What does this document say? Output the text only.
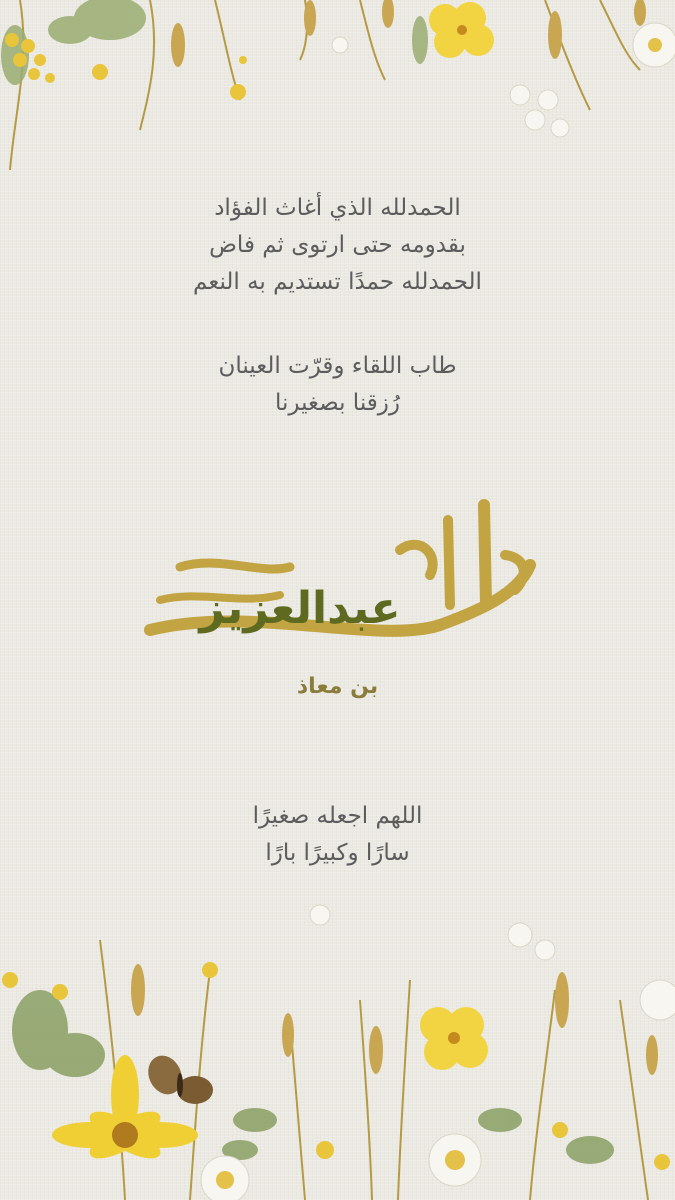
الحمدلله الذي أغاث الفؤاد
بقدومه حتى ارتوى ثم فاض
الحمدلله حمدًا تستديم به النعم
طاب اللقاء وقرّت العينان
رُزقنا بصغيرنا
عبدالعزيز
بن معاذ
اللهم اجعله صغيرًا
سارًا وكبيرًا بارًا
